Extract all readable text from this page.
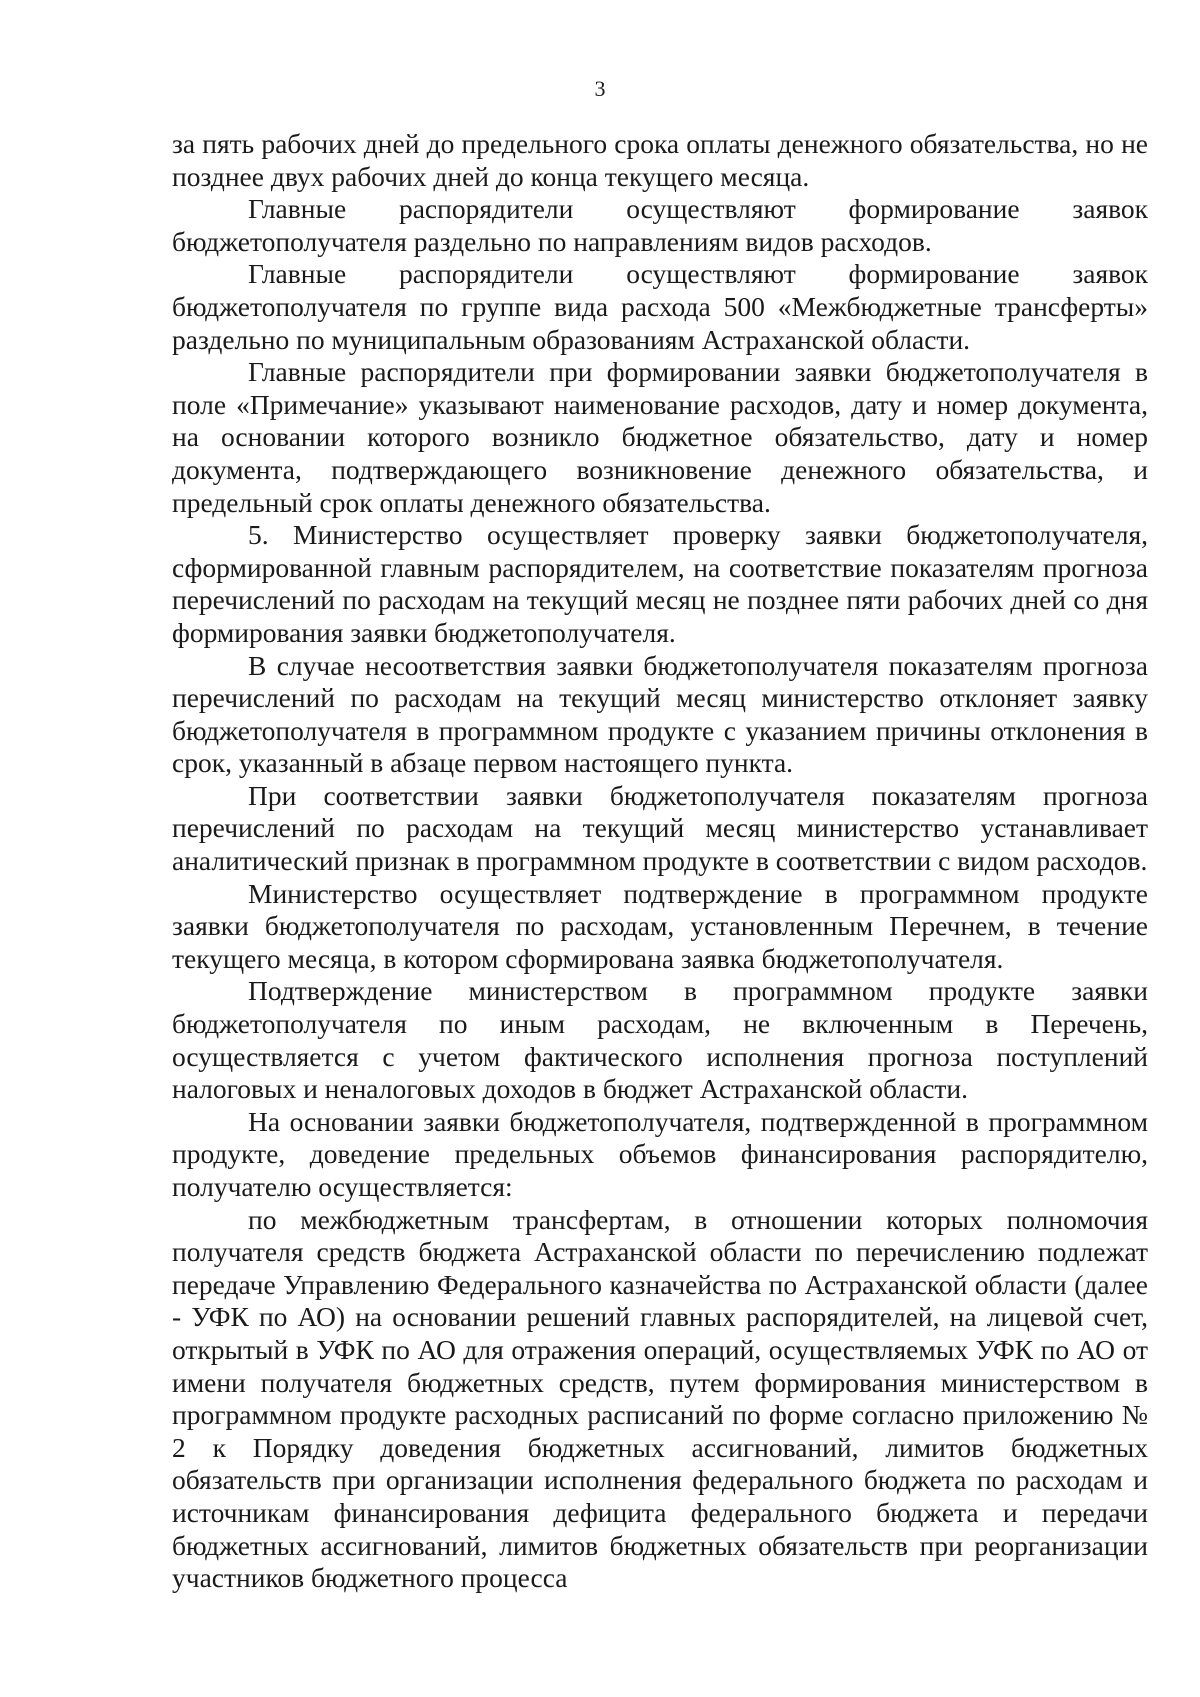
3

за пять рабочих дней до предельного срока оплаты денежного обязательства, но не позднее двух рабочих дней до конца текущего месяца.

Главные распорядители осуществляют формирование заявок бюджетополучателя раздельно по направлениям видов расходов.

Главные распорядители осуществляют формирование заявок бюджетополучателя по группе вида расхода 500 «Межбюджетные трансферты» раздельно по муниципальным образованиям Астраханской области.

Главные распорядители при формировании заявки бюджетополучателя в поле «Примечание» указывают наименование расходов, дату и номер документа, на основании которого возникло бюджетное обязательство, дату и номер документа, подтверждающего возникновение денежного обязательства, и предельный срок оплаты денежного обязательства.

5. Министерство осуществляет проверку заявки бюджетополучателя, сформированной главным распорядителем, на соответствие показателям прогноза перечислений по расходам на текущий месяц не позднее пяти рабочих дней со дня формирования заявки бюджетополучателя.

В случае несоответствия заявки бюджетополучателя показателям прогноза перечислений по расходам на текущий месяц министерство отклоняет заявку бюджетополучателя в программном продукте с указанием причины отклонения в срок, указанный в абзаце первом настоящего пункта.

При соответствии заявки бюджетополучателя показателям прогноза перечислений по расходам на текущий месяц министерство устанавливает аналитический признак в программном продукте в соответствии с видом расходов.

Министерство осуществляет подтверждение в программном продукте заявки бюджетополучателя по расходам, установленным Перечнем, в течение текущего месяца, в котором сформирована заявка бюджетополучателя.

Подтверждение министерством в программном продукте заявки бюджетополучателя по иным расходам, не включенным в Перечень, осуществляется с учетом фактического исполнения прогноза поступлений налоговых и неналоговых доходов в бюджет Астраханской области.

На основании заявки бюджетополучателя, подтвержденной в программном продукте, доведение предельных объемов финансирования распорядителю, получателю осуществляется:

по межбюджетным трансфертам, в отношении которых полномочия получателя средств бюджета Астраханской области по перечислению подлежат передаче Управлению Федерального казначейства по Астраханской области (далее - УФК по АО) на основании решений главных распорядителей, на лицевой счет, открытый в УФК по АО для отражения операций, осуществляемых УФК по АО от имени получателя бюджетных средств, путем формирования министерством в программном продукте расходных расписаний по форме согласно приложению № 2 к Порядку доведения бюджетных ассигнований, лимитов бюджетных обязательств при организации исполнения федерального бюджета по расходам и источникам финансирования дефицита федерального бюджета и передачи бюджетных ассигнований, лимитов бюджетных обязательств при реорганизации участников бюджетного процесса
